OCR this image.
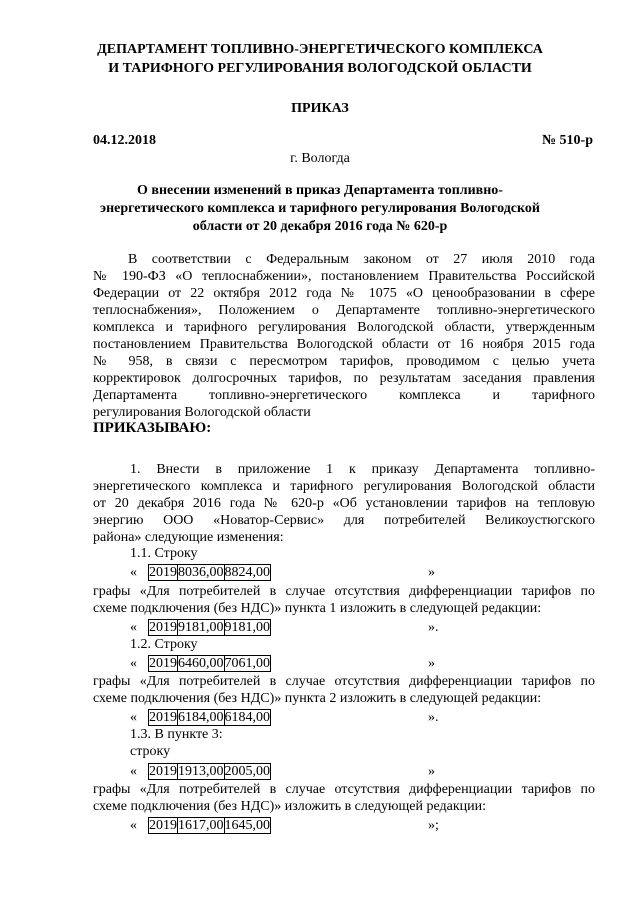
ДЕПАРТАМЕНТ ТОПЛИВНО-ЭНЕРГЕТИЧЕСКОГО КОМПЛЕКСА
И ТАРИФНОГО РЕГУЛИРОВАНИЯ ВОЛОГОДСКОЙ ОБЛАСТИ
ПРИКАЗ
04.12.2018	№ 510-р
г. Вологда
О внесении изменений в приказ Департамента топливно-
энергетического комплекса и тарифного регулирования Вологодской
области от 20 декабря 2016 года № 620-р
В соответствии с Федеральным законом от 27 июля 2010 года
№ 190-ФЗ «О теплоснабжении», постановлением Правительства Российской
Федерации от 22 октября 2012 года № 1075 «О ценообразовании в сфере
теплоснабжения», Положением о Департаменте топливно-энергетического
комплекса и тарифного регулирования Вологодской области, утвержденным
постановлением Правительства Вологодской области от 16 ноября 2015 года
№ 958, в связи с пересмотром тарифов, проводимом с целью учета
корректировок долгосрочных тарифов, по результатам заседания правления
Департамента топливно-энергетического комплекса и тарифного
регулирования Вологодской области
ПРИКАЗЫВАЮ:
1. Внести в приложение 1 к приказу Департамента топливно-
энергетического комплекса и тарифного регулирования Вологодской области
от 20 декабря 2016 года № 620-р «Об установлении тарифов на тепловую
энергию ООО «Новатор-Сервис» для потребителей Великоустюгского
района» следующие изменения:
1.1. Строку
« 2019	8036,00	8824,00	»
графы «Для потребителей в случае отсутствия дифференциации тарифов по
схеме подключения (без НДС)» пункта 1 изложить в следующей редакции:
« 2019	9181,00	9181,00	».
1.2. Строку
« 2019	6460,00	7061,00	»
графы «Для потребителей в случае отсутствия дифференциации тарифов по
схеме подключения (без НДС)» пункта 2 изложить в следующей редакции:
« 2019	6184,00	6184,00	».
1.3. В пункте 3:
строку
« 2019	1913,00	2005,00	»
графы «Для потребителей в случае отсутствия дифференциации тарифов по
схеме подключения (без НДС)» изложить в следующей редакции:
« 2019	1617,00	1645,00	»;
